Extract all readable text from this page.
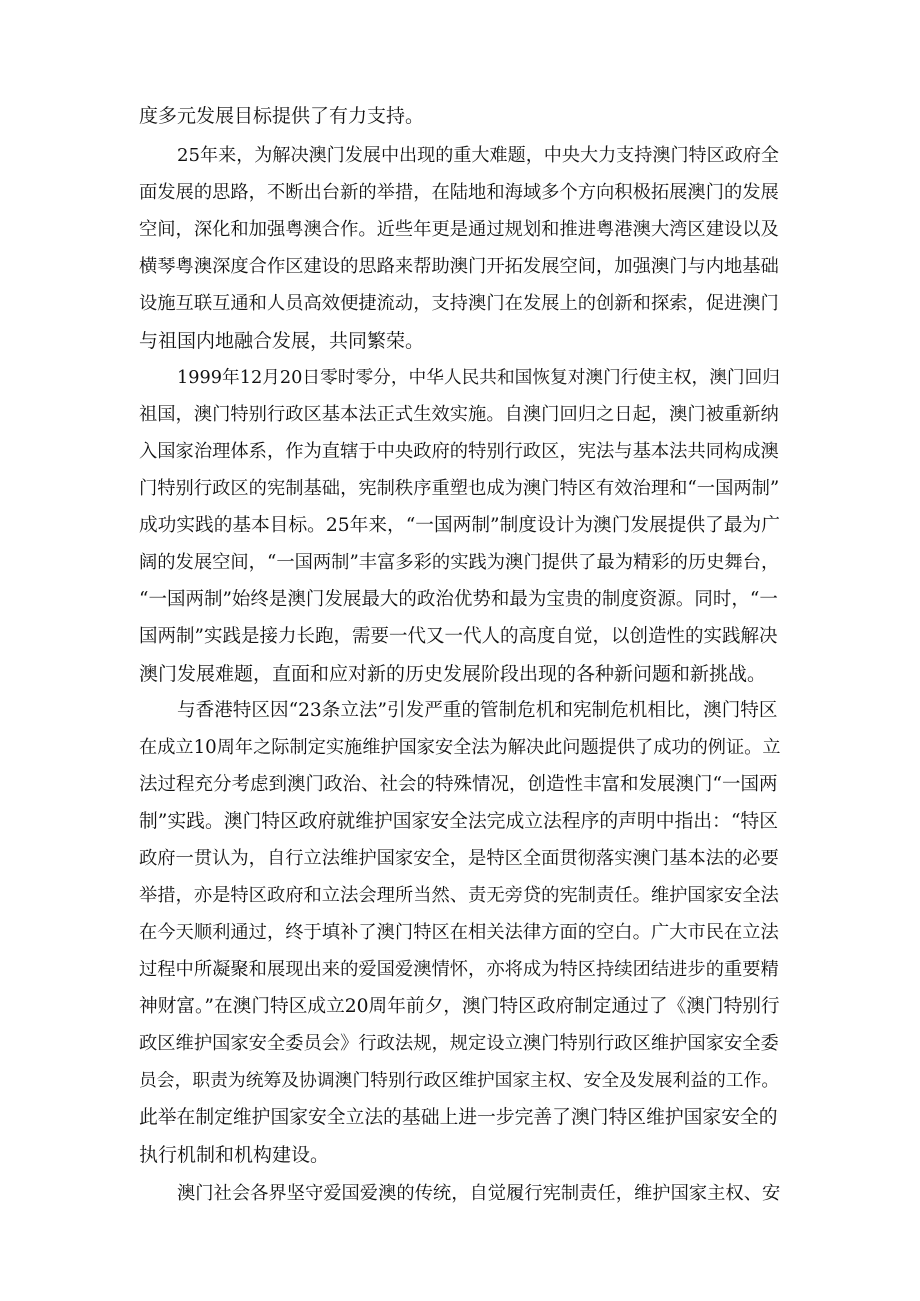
度多元发展目标提供了有力支持。

25年来，为解决澳门发展中出现的重大难题，中央大力支持澳门特区政府全

面发展的思路，不断出台新的举措，在陆地和海域多个方向积极拓展澳门的发展

空间，深化和加强粤澳合作。近些年更是通过规划和推进粤港澳大湾区建设以及

横琴粤澳深度合作区建设的思路来帮助澳门开拓发展空间，加强澳门与内地基础

设施互联互通和人员高效便捷流动，支持澳门在发展上的创新和探索，促进澳门

与祖国内地融合发展，共同繁荣。

1999年12月20日零时零分，中华人民共和国恢复对澳门行使主权，澳门回归

祖国，澳门特别行政区基本法正式生效实施。自澳门回归之日起，澳门被重新纳

入国家治理体系，作为直辖于中央政府的特别行政区，宪法与基本法共同构成澳

门特别行政区的宪制基础，宪制秩序重塑也成为澳门特区有效治理和“一国两制”

成功实践的基本目标。25年来，“一国两制”制度设计为澳门发展提供了最为广

阔的发展空间，“一国两制”丰富多彩的实践为澳门提供了最为精彩的历史舞台，

“一国两制”始终是澳门发展最大的政治优势和最为宝贵的制度资源。同时，“一

国两制”实践是接力长跑，需要一代又一代人的高度自觉，以创造性的实践解决

澳门发展难题，直面和应对新的历史发展阶段出现的各种新问题和新挑战。

与香港特区因“23条立法”引发严重的管制危机和宪制危机相比，澳门特区

在成立10周年之际制定实施维护国家安全法为解决此问题提供了成功的例证。立

法过程充分考虑到澳门政治、社会的特殊情况，创造性丰富和发展澳门“一国两

制”实践。澳门特区政府就维护国家安全法完成立法程序的声明中指出：“特区

政府一贯认为，自行立法维护国家安全，是特区全面贯彻落实澳门基本法的必要

举措，亦是特区政府和立法会理所当然、责无旁贷的宪制责任。维护国家安全法

在今天顺利通过，终于填补了澳门特区在相关法律方面的空白。广大市民在立法

过程中所凝聚和展现出来的爱国爱澳情怀，亦将成为特区持续团结进步的重要精

神财富。”在澳门特区成立20周年前夕，澳门特区政府制定通过了《澳门特别行

政区维护国家安全委员会》行政法规，规定设立澳门特别行政区维护国家安全委

员会，职责为统筹及协调澳门特别行政区维护国家主权、安全及发展利益的工作。

此举在制定维护国家安全立法的基础上进一步完善了澳门特区维护国家安全的

执行机制和机构建设。

澳门社会各界坚守爱国爱澳的传统，自觉履行宪制责任，维护国家主权、安
